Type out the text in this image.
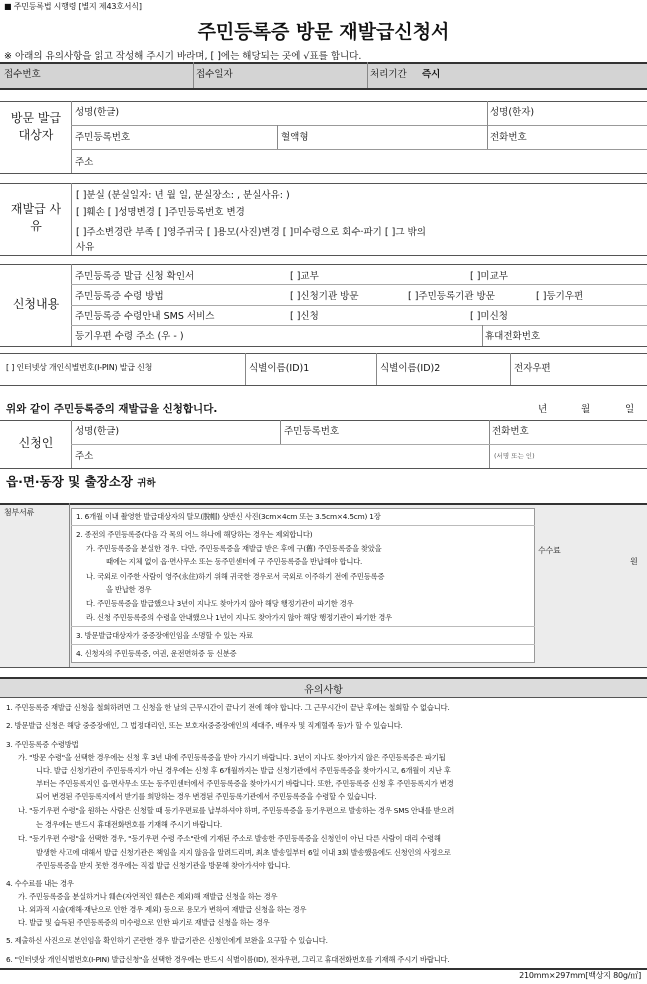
■ 주민등록법 시행령 [별지 제43호서식]
주민등록증 방문 재발급신청서
※ 아래의 유의사항을 읽고 작성해 주시기 바라며, [ ]에는 해당되는 곳에 √표를 합니다.
접수번호	접수일자	처리기간 즉시
방문 발급 대상자
성명(한글)	성명(한자)
주민등록번호	혈액형	전화번호
주소
재발급 사 유
[ ]분실 (분실일자: 년 월 일, 분실장소: , 분실사유: )
[ ]훼손 [ ]성명변경 [ ]주민등록번호 변경
[ ]주소변경란 부족 [ ]영주귀국 [ ]용모(사진)변경 [ ]미수령으로 회수·파기 [ ]그 밖의
사유
신청내용
주민등록증 발급 신청 확인서	[ ]교부	[ ]미교부
주민등록증 수령 방법	[ ]신청기관 방문	[ ]주민등록기관 방문	[ ]등기우편
주민등록증 수령안내 SMS 서비스	[ ]신청	[ ]미신청
등기우편 수령 주소 (우 - )	휴대전화번호
[ ] 인터넷상 개인식별번호(I-PIN) 발급 신청	식별이름(ID)1	식별이름(ID)2	전자우편
위와 같이 주민등록증의 재발급을 신청합니다.	년	월	일
신청인
성명(한글)	주민등록번호	전화번호
주소	(서명 또는 인)
읍·면·동장 및 출장소장 귀하
첨부서류	1. 6개월 이내 촬영한 발급대상자의 탈모(脫帽) 상반신 사진(3cm×4cm 또는 3.5cm×4.5cm) 1장
2. 종전의 주민등록증(다음 각 목의 어느 하나에 해당하는 경우는 제외합니다)
가. 주민등록증을 분실한 경우. 다만, 주민등록증을 재발급 받은 후에 구(舊) 주민등록증을 찾았을
때에는 지체 없이 읍·면사무소 또는 동주민센터에 구 주민등록증을 반납해야 합니다.
나. 국외로 이주한 사람이 영주(永住)하기 위해 귀국한 경우로서 국외로 이주하기 전에 주민등록증
을 반납한 경우
다. 주민등록증을 발급했으나 3년이 지나도 찾아가지 않아 해당 행정기관이 파기한 경우
라. 신청 주민등록증의 수령을 안내했으나 1년이 지나도 찾아가지 않아 해당 행정기관이 파기한 경우
3. 방문발급대상자가 중증장애인임을 소명할 수 있는 자료
4. 신청자의 주민등록증, 여권, 운전면허증 등 신분증
수수료
원
유의사항
1. 주민등록증 재발급 신청을 철회하려면 그 신청을 한 날의 근무시간이 끝나기 전에 해야 합니다. 그 근무시간이 끝난 후에는 철회할 수 없습니다.
2. 방문발급 신청은 해당 중증장애인, 그 법정대리인, 또는 보호자(중증장애인의 세대주, 배우자 및 직계혈족 등)가 할 수 있습니다.
3. 주민등록증 수령방법
가. "방문 수령"을 선택한 경우에는 신청 후 3년 내에 주민등록증을 받아 가시기 바랍니다. 3년이 지나도 찾아가지 않은 주민등록증은 파기됩
니다. 발급 신청기관이 주민등록지가 아닌 경우에는 신청 후 6개월까지는 발급 신청기관에서 주민등록증을 찾아가시고, 6개월이 지난 후
부터는 주민등록지인 읍·면사무소 또는 동주민센터에서 주민등록증을 찾아가시기 바랍니다. 또한, 주민등록증 신청 후 주민등록지가 변경
되어 변경된 주민등록지에서 받기를 희망하는 경우 변경된 주민등록기관에서 주민등록증을 수령할 수 있습니다.
나. "등기우편 수령"을 원하는 사람은 신청할 때 등기우편료를 납부하셔야 하며, 주민등록증을 등기우편으로 발송하는 경우 SMS 안내를 받으려
는 경우에는 반드시 휴대전화번호를 기재해 주시기 바랍니다.
다. "등기우편 수령"을 선택한 경우, "등기우편 수령 주소"란에 기재된 주소로 발송한 주민등록증을 신청인이 아닌 다른 사람이 대리 수령해
발생한 사고에 대해서 발급 신청기관은 책임을 지지 않음을 알려드리며, 최초 발송일부터 6일 이내 3회 발송했음에도 신청인의 사정으로
주민등록증을 받지 못한 경우에는 직접 발급 신청기관을 방문해 찾아가셔야 합니다.
4. 수수료를 내는 경우
가. 주민등록증을 분실하거나 훼손(자연적인 훼손은 제외)해 재발급 신청을 하는 경우
나. 외과적 시술(재해·재난으로 인한 경우 제외) 등으로 용모가 변하여 재발급 신청을 하는 경우
다. 발급 및 습득된 주민등록증의 미수령으로 인한 파기로 재발급 신청을 하는 경우
5. 제출하신 사진으로 본인임을 확인하기 곤란한 경우 발급기관은 신청인에게 보완을 요구할 수 있습니다.
6. "인터넷상 개인식별번호(I-PIN) 발급신청"을 선택한 경우에는 반드시 식별이름(ID), 전자우편, 그리고 휴대전화번호를 기재해 주시기 바랍니다.
210mm×297mm[백상지 80g/㎡]
